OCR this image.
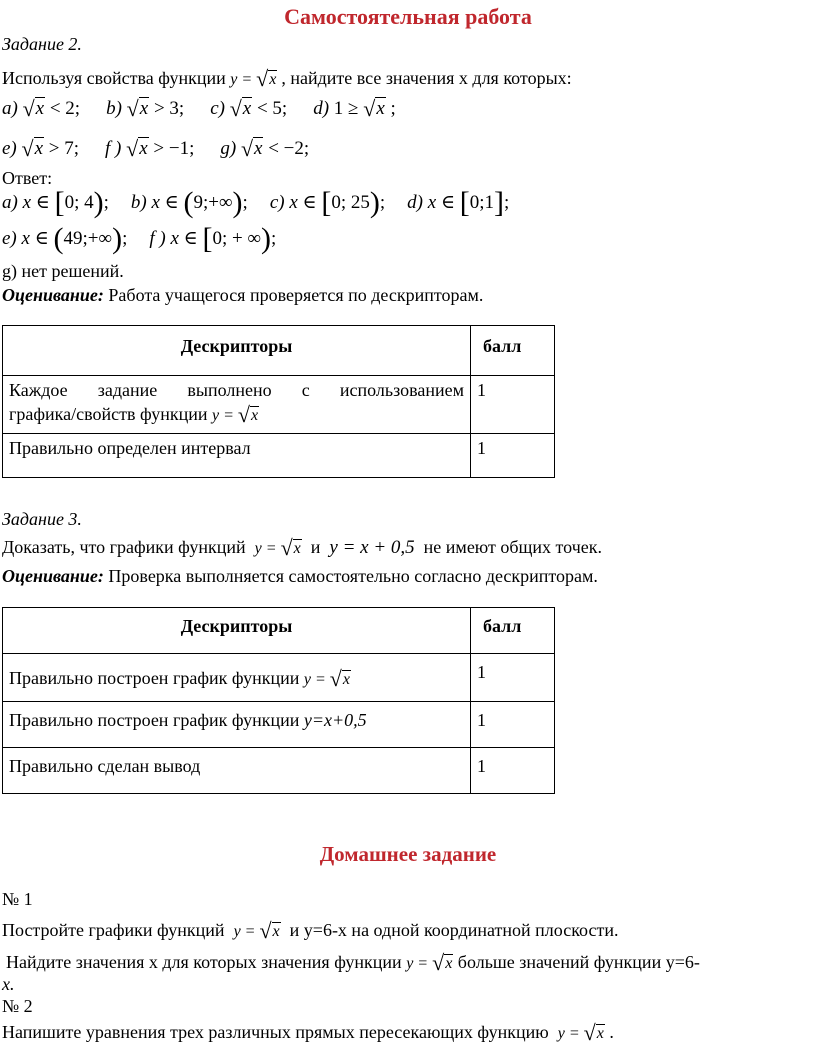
Самостоятельная работа
Задание 2.
Используя свойства функции y = √x , найдите все значения х для которых:
a) √x < 2; b) √x > 3; c) √x < 5; d) 1 ≥ √x ;
e) √x > 7; f ) √x > −1; g) √x < −2;
Ответ:
a) x ∈ [0; 4); b) x ∈ (9;+∞); c) x ∈ [0; 25); d) x ∈ [0;1];
e) x ∈ (49;+∞); f ) x ∈ [0; + ∞);
g) нет решений.
Оценивание: Работа учащегося проверяется по дескрипторам.
Дескрипторы	балл

Каждое задание выполнено с использованием
графика/свойств функции y = √x	1
Правильно определен интервал	1
Задание 3.
Доказать, что графики функций y = √x и y = x + 0,5 не имеют общих точек.
Оценивание: Проверка выполняется самостоятельно согласно дескрипторам.
Дескрипторы	балл
Правильно построен график функции y = √x	1
Правильно построен график функции y=x+0,5	1
Правильно сделан вывод	1
Домашнее задание
№ 1
Постройте графики функций y = √x и y=6-x на одной координатной плоскости.
Найдите значения х для которых значения функции y = √x больше значений функции y=6-
x.
№ 2
Напишите уравнения трех различных прямых пересекающих функцию y = √x .
